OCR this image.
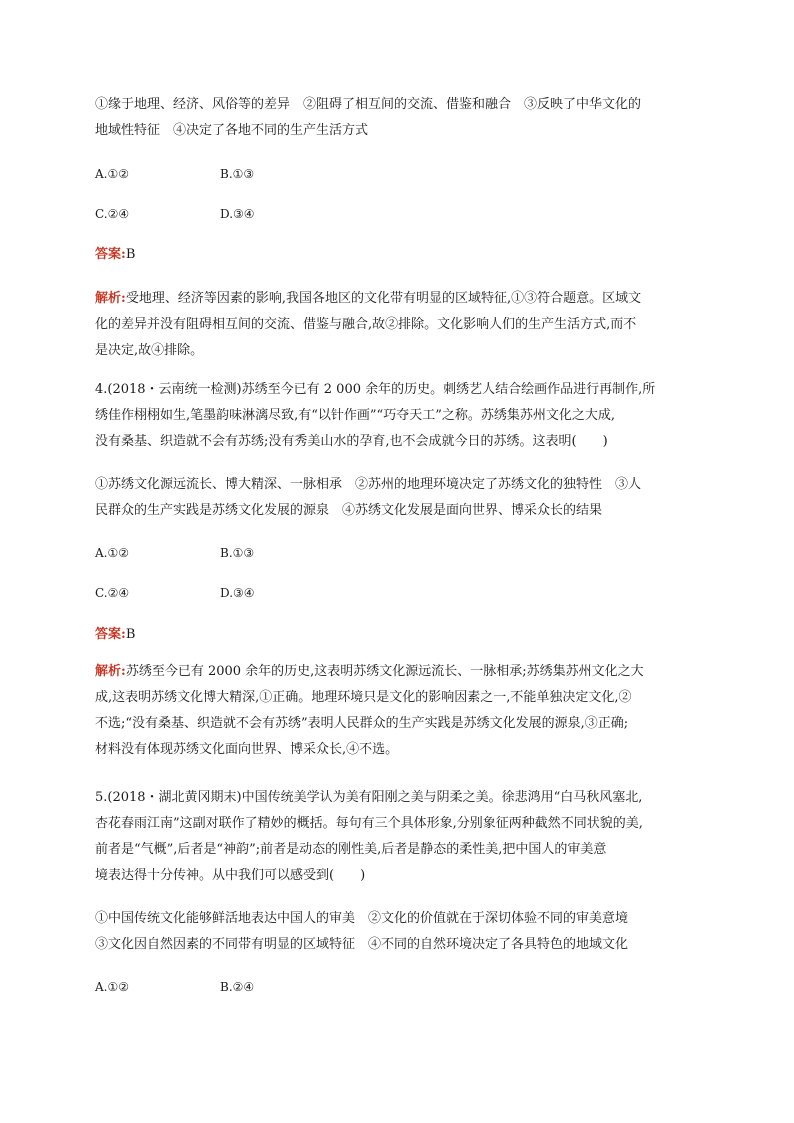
①缘于地理、经济、风俗等的差异　②阻碍了相互间的交流、借鉴和融合　③反映了中华文化的
地域性特征　④决定了各地不同的生产生活方式
A.①②	B.①③
C.②④	D.③④
答案:B
解析:受地理、经济等因素的影响,我国各地区的文化带有明显的区域特征,①③符合题意。区域文
化的差异并没有阻碍相互间的交流、借鉴与融合,故②排除。文化影响人们的生产生活方式,而不
是决定,故④排除。
4.(2018・云南统一检测)苏绣至今已有 2 000 余年的历史。刺绣艺人结合绘画作品进行再制作,所
绣佳作栩栩如生,笔墨韵味淋漓尽致,有“以针作画”“巧夺天工”之称。苏绣集苏州文化之大成,
没有桑基、织造就不会有苏绣;没有秀美山水的孕育,也不会成就今日的苏绣。这表明(　　)
①苏绣文化源远流长、博大精深、一脉相承　②苏州的地理环境决定了苏绣文化的独特性　③人
民群众的生产实践是苏绣文化发展的源泉　④苏绣文化发展是面向世界、博采众长的结果
A.①②	B.①③
C.②④	D.③④
答案:B
解析:苏绣至今已有 2000 余年的历史,这表明苏绣文化源远流长、一脉相承;苏绣集苏州文化之大
成,这表明苏绣文化博大精深,①正确。地理环境只是文化的影响因素之一,不能单独决定文化,②
不选;“没有桑基、织造就不会有苏绣”表明人民群众的生产实践是苏绣文化发展的源泉,③正确;
材料没有体现苏绣文化面向世界、博采众长,④不选。
5.(2018・湖北黄冈期末)中国传统美学认为美有阳刚之美与阴柔之美。徐悲鸿用“白马秋风塞北,
杏花春雨江南”这副对联作了精妙的概括。每句有三个具体形象,分别象征两种截然不同状貌的美,
前者是“气概”,后者是“神韵”;前者是动态的刚性美,后者是静态的柔性美,把中国人的审美意
境表达得十分传神。从中我们可以感受到(　　)
①中国传统文化能够鲜活地表达中国人的审美　②文化的价值就在于深切体验不同的审美意境
③文化因自然因素的不同带有明显的区域特征　④不同的自然环境决定了各具特色的地域文化
A.①②	B.②④
